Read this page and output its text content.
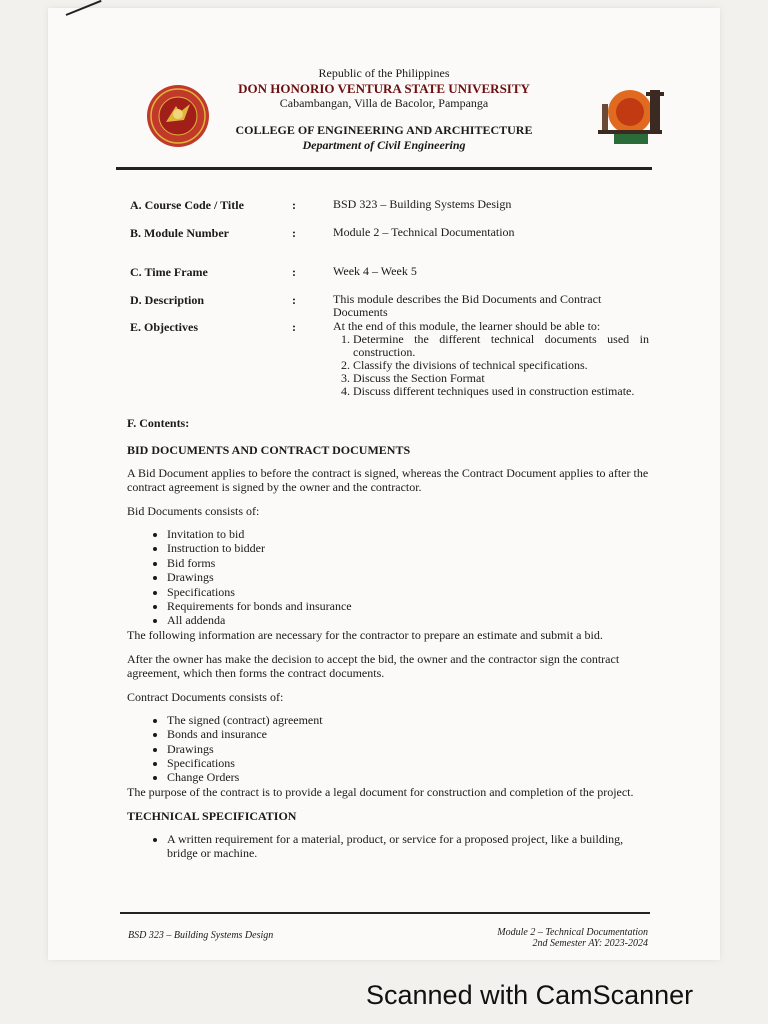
Republic of the Philippines
DON HONORIO VENTURA STATE UNIVERSITY
Cabambangan, Villa de Bacolor, Pampanga
COLLEGE OF ENGINEERING AND ARCHITECTURE
Department of Civil Engineering
A. Course Code / Title	:	BSD 323 – Building Systems Design
B. Module Number	:	Module 2 – Technical Documentation
C. Time Frame	:	Week 4 – Week 5
D. Description	:	This module describes the Bid Documents and Contract Documents
E. Objectives	:	At the end of this module, the learner should be able to:
1. Determine the different technical documents used in construction.
2. Classify the divisions of technical specifications.
3. Discuss the Section Format
4. Discuss different techniques used in construction estimate.

F. Contents:

BID DOCUMENTS AND CONTRACT DOCUMENTS

A Bid Document applies to before the contract is signed, whereas the Contract Document applies to after the contract agreement is signed by the owner and the contractor.

Bid Documents consists of:

• Invitation to bid
• Instruction to bidder
• Bid forms
• Drawings
• Specifications
• Requirements for bonds and insurance
• All addenda

The following information are necessary for the contractor to prepare an estimate and submit a bid.

After the owner has make the decision to accept the bid, the owner and the contractor sign the contract agreement, which then forms the contract documents.

Contract Documents consists of:

• The signed (contract) agreement
• Bonds and insurance
• Drawings
• Specifications
• Change Orders

The purpose of the contract is to provide a legal document for construction and completion of the project.

TECHNICAL SPECIFICATION

• A written requirement for a material, product, or service for a proposed project, like a building, bridge or machine.
BSD 323 – Building Systems Design	Module 2 – Technical Documentation
2nd Semester AY: 2023-2024
Scanned with CamScanner
